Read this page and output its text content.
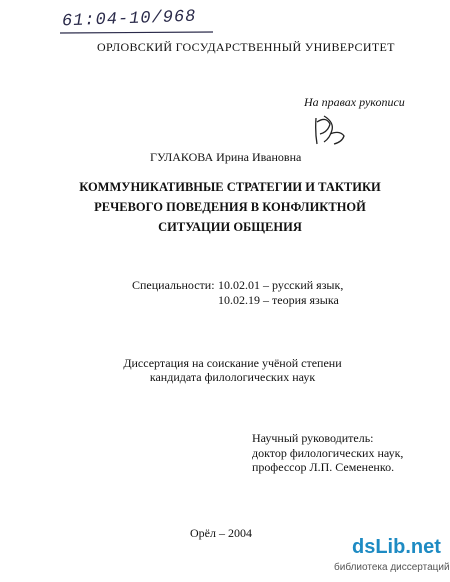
61:04-10/968
ОРЛОВСКИЙ ГОСУДАРСТВЕННЫЙ УНИВЕРСИТЕТ
На правах рукописи
ГУЛАКОВА Ирина Ивановна
КОММУНИКАТИВНЫЕ СТРАТЕГИИ И ТАКТИКИ
РЕЧЕВОГО ПОВЕДЕНИЯ В КОНФЛИКТНОЙ
СИТУАЦИИ ОБЩЕНИЯ
Специальности: 10.02.01 – русский язык,
10.02.19 – теория языка
Диссертация на соискание учёной степени
кандидата филологических наук
Научный руководитель:
доктор филологических наук,
профессор Л.П. Семененко.
Орёл – 2004
dsLib.net
библиотека диссертаций
